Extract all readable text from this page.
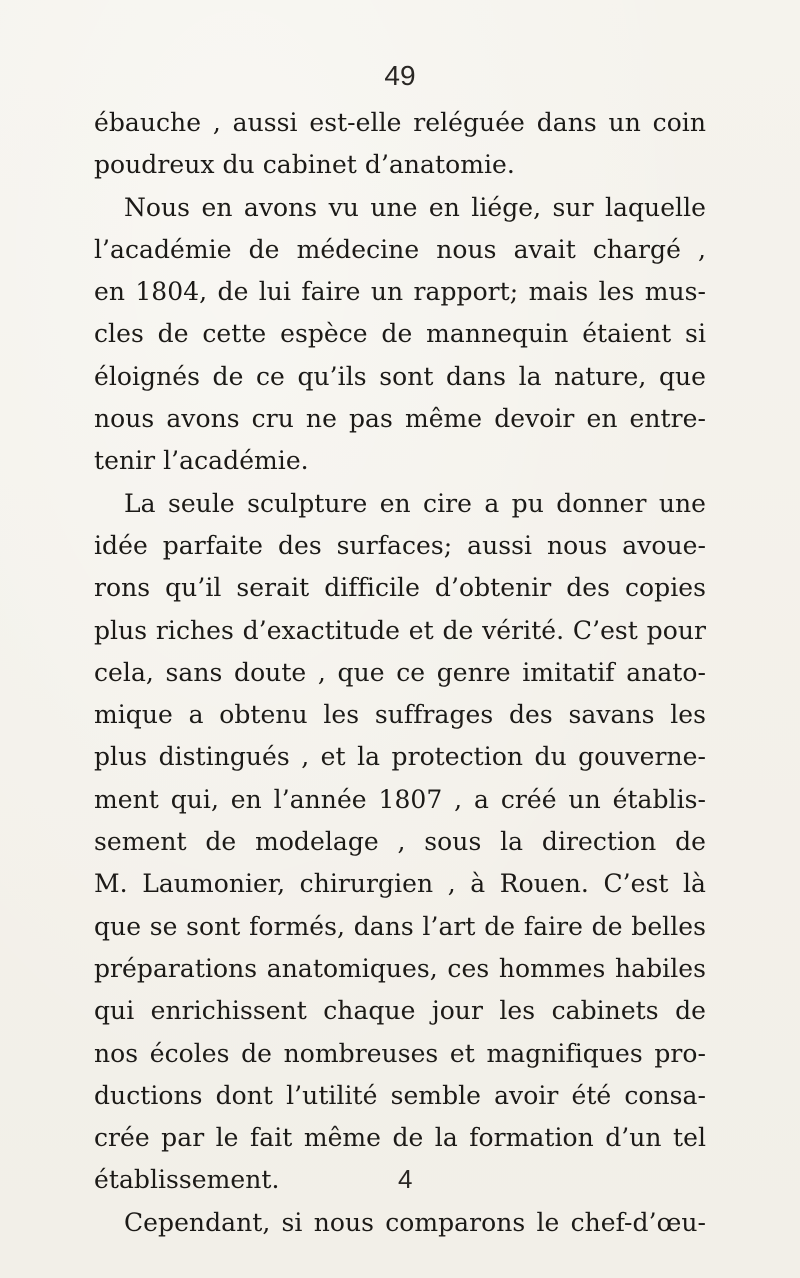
49
ébauche , aussi est-elle reléguée dans un coin
poudreux du cabinet d’anatomie.
Nous en avons vu une en liége, sur laquelle
l’académie de médecine nous avait chargé ,
en 1804, de lui faire un rapport; mais les mus-
cles de cette espèce de mannequin étaient si
éloignés de ce qu’ils sont dans la nature, que
nous avons cru ne pas même devoir en entre-
tenir l’académie.
La seule sculpture en cire a pu donner une
idée parfaite des surfaces; aussi nous avoue-
rons qu’il serait difficile d’obtenir des copies
plus riches d’exactitude et de vérité. C’est pour
cela, sans doute , que ce genre imitatif anato-
mique a obtenu les suffrages des savans les
plus distingués , et la protection du gouverne-
ment qui, en l’année 1807 , a créé un établis-
sement de modelage , sous la direction de
M. Laumonier, chirurgien , à Rouen. C’est là
que se sont formés, dans l’art de faire de belles
préparations anatomiques, ces hommes habiles
qui enrichissent chaque jour les cabinets de
nos écoles de nombreuses et magnifiques pro-
ductions dont l’utilité semble avoir été consa-
crée par le fait même de la formation d’un tel
établissement.
Cependant, si nous comparons le chef-d’œu-
4
